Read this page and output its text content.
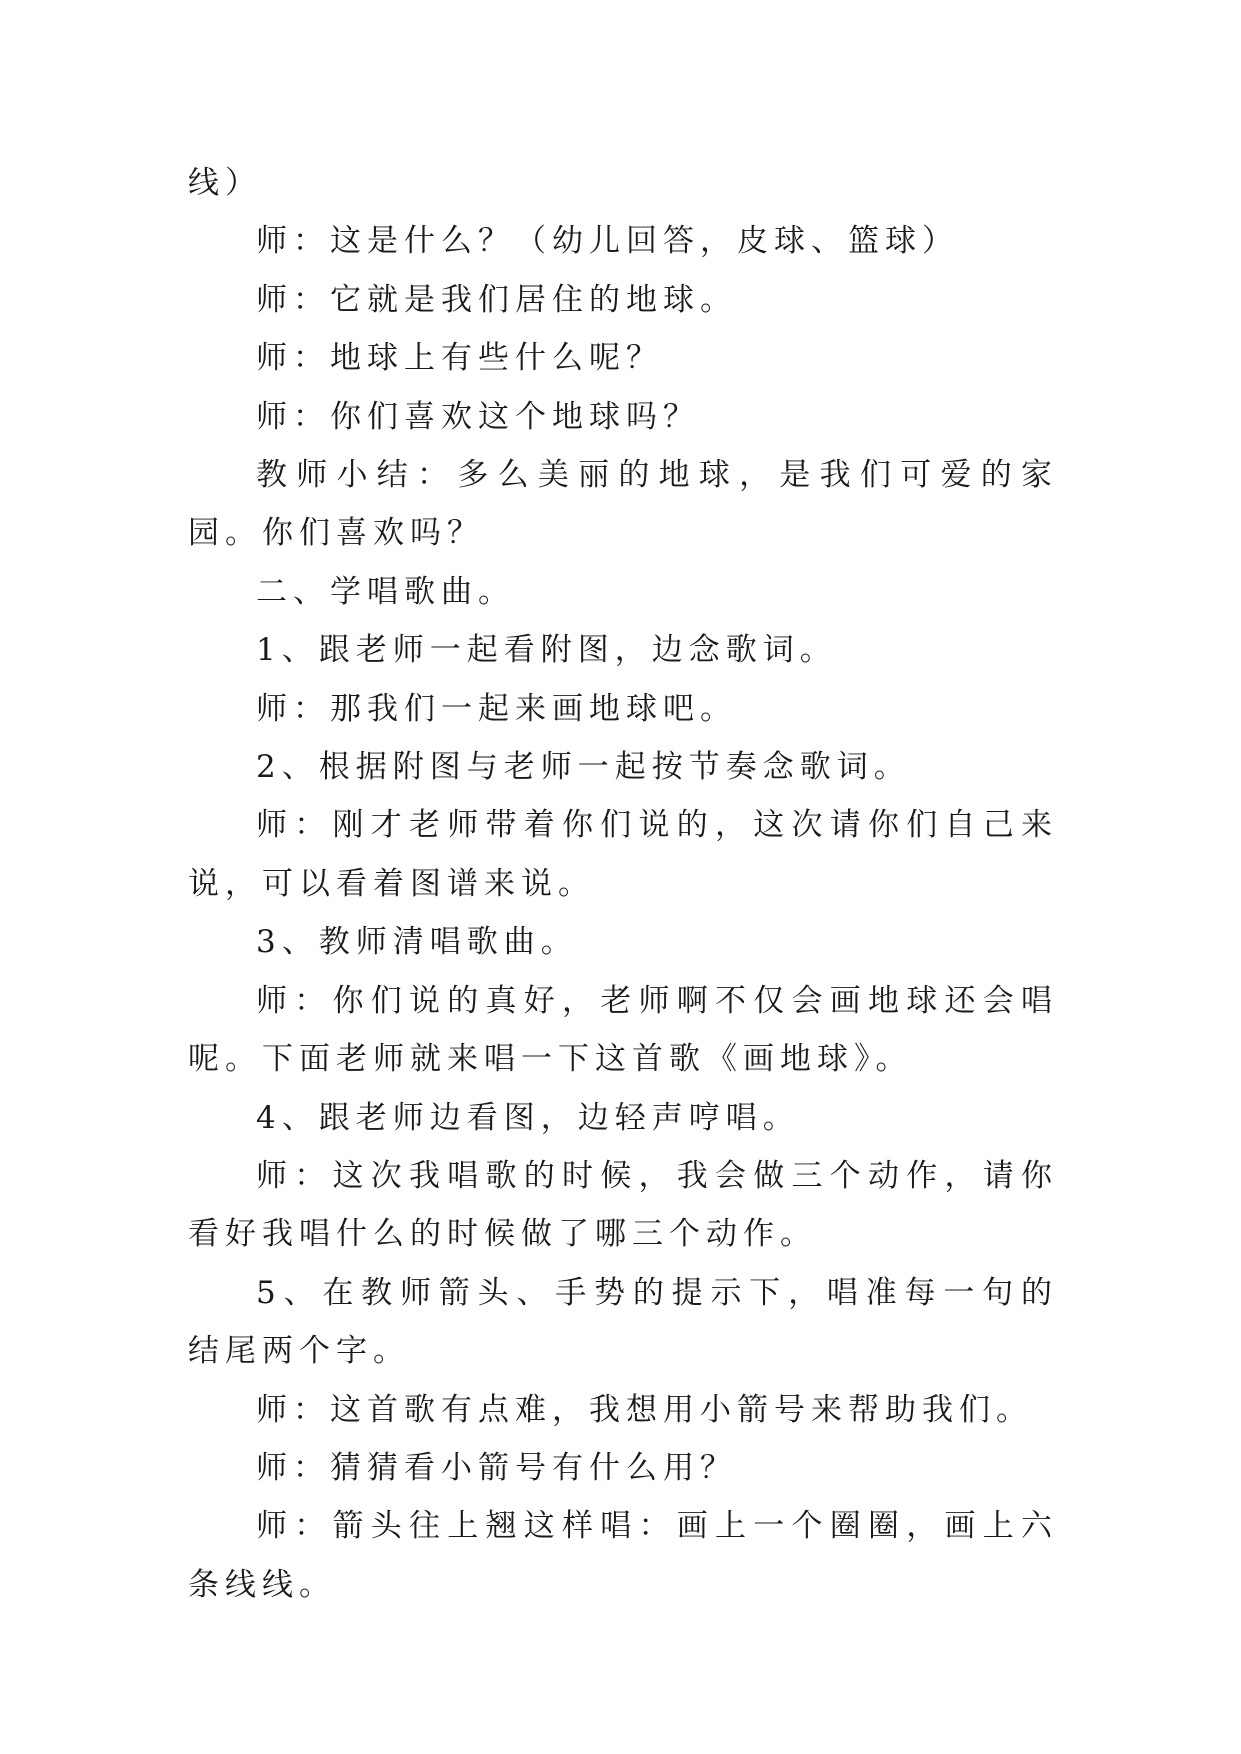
线）

师：这是什么？（幼儿回答，皮球、篮球）

师：它就是我们居住的地球。

师：地球上有些什么呢？

师：你们喜欢这个地球吗？

教师小结：多么美丽的地球，是我们可爱的家园。你们喜欢吗？

二、学唱歌曲。

1、跟老师一起看附图，边念歌词。

师：那我们一起来画地球吧。

2、根据附图与老师一起按节奏念歌词。

师：刚才老师带着你们说的，这次请你们自己来说，可以看着图谱来说。

3、教师清唱歌曲。

师：你们说的真好，老师啊不仅会画地球还会唱呢。下面老师就来唱一下这首歌《画地球》。

4、跟老师边看图，边轻声哼唱。

师：这次我唱歌的时候，我会做三个动作，请你看好我唱什么的时候做了哪三个动作。

5、在教师箭头、手势的提示下，唱准每一句的结尾两个字。

师：这首歌有点难，我想用小箭号来帮助我们。

师：猜猜看小箭号有什么用？

师：箭头往上翘这样唱：画上一个圈圈，画上六条线线。
